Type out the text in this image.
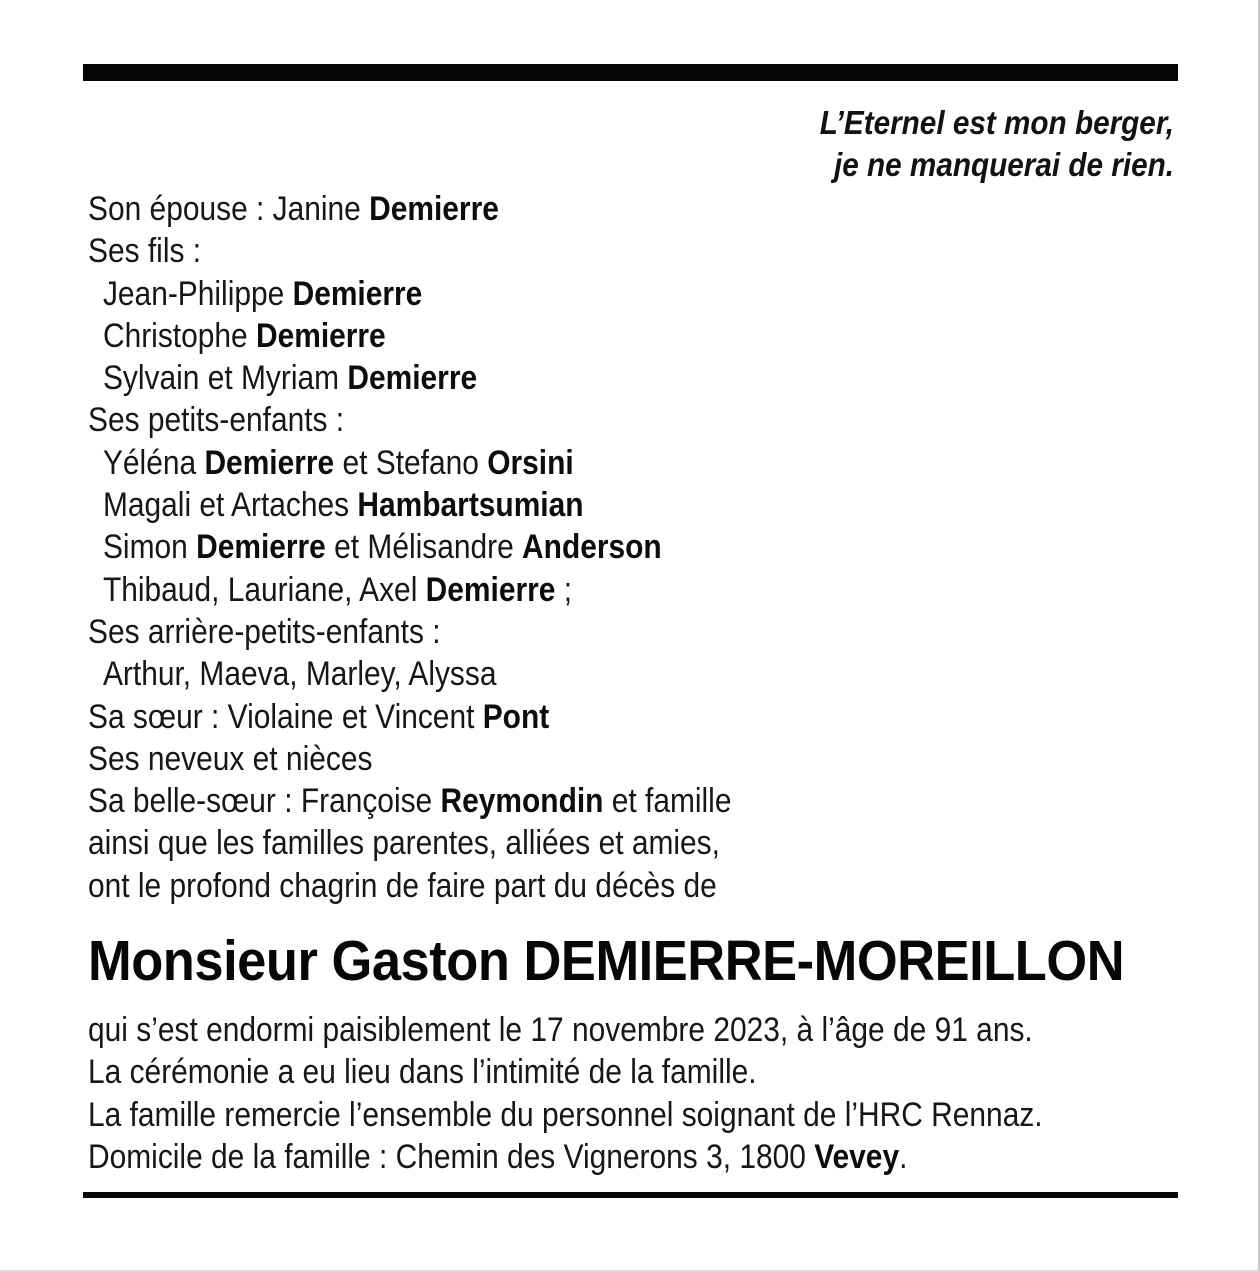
L’Eternel est mon berger,
je ne manquerai de rien.
Son épouse : Janine Demierre
Ses fils :
Jean-Philippe Demierre
Christophe Demierre
Sylvain et Myriam Demierre
Ses petits-enfants :
Yéléna Demierre et Stefano Orsini
Magali et Artaches Hambartsumian
Simon Demierre et Mélisandre Anderson
Thibaud, Lauriane, Axel Demierre ;
Ses arrière-petits-enfants :
Arthur, Maeva, Marley, Alyssa
Sa sœur : Violaine et Vincent Pont
Ses neveux et nièces
Sa belle-sœur : Françoise Reymondin et famille
ainsi que les familles parentes, alliées et amies,
ont le profond chagrin de faire part du décès de
Monsieur Gaston DEMIERRE-MOREILLON
qui s’est endormi paisiblement le 17 novembre 2023, à l’âge de 91 ans.
La cérémonie a eu lieu dans l’intimité de la famille.
La famille remercie l’ensemble du personnel soignant de l’HRC Rennaz.
Domicile de la famille : Chemin des Vignerons 3, 1800 Vevey.
